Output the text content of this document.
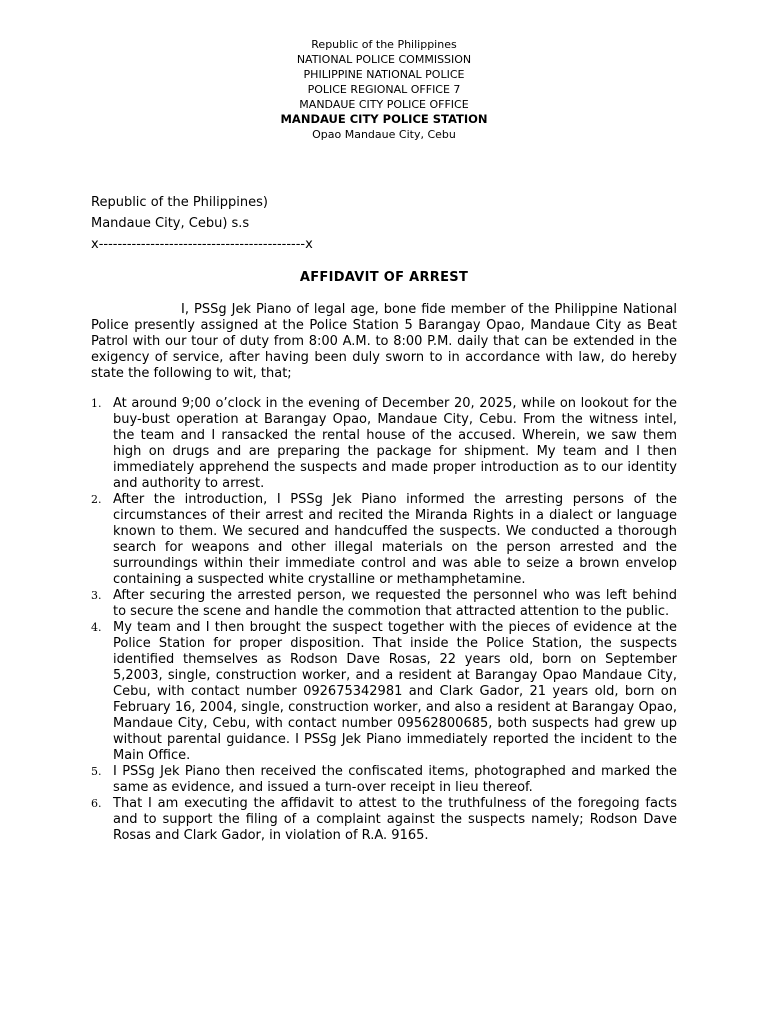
Republic of the Philippines
NATIONAL POLICE COMMISSION
PHILIPPINE NATIONAL POLICE
POLICE REGIONAL OFFICE 7
MANDAUE CITY POLICE OFFICE
MANDAUE CITY POLICE STATION
Opao Mandaue City, Cebu
Republic of the Philippines)
Mandaue City, Cebu) s.s
x--------------------------------------------x
AFFIDAVIT OF ARREST

I, PSSg Jek Piano of legal age, bone fide member of the Philippine National Police presently assigned at the Police Station 5 Barangay Opao, Mandaue City as Beat Patrol with our tour of duty from 8:00 A.M. to 8:00 P.M. daily that can be extended in the exigency of service, after having been duly sworn to in accordance with law, do hereby state the following to wit, that;

1. At around 9;00 o’clock in the evening of December 20, 2025, while on lookout for the buy-bust operation at Barangay Opao, Mandaue City, Cebu. From the witness intel, the team and I ransacked the rental house of the accused. Wherein, we saw them high on drugs and are preparing the package for shipment. My team and I then immediately apprehend the suspects and made proper introduction as to our identity and authority to arrest.
2. After the introduction, I PSSg Jek Piano informed the arresting persons of the circumstances of their arrest and recited the Miranda Rights in a dialect or language known to them. We secured and handcuffed the suspects. We conducted a thorough search for weapons and other illegal materials on the person arrested and the surroundings within their immediate control and was able to seize a brown envelop containing a suspected white crystalline or methamphetamine.
3. After securing the arrested person, we requested the personnel who was left behind to secure the scene and handle the commotion that attracted attention to the public.
4. My team and I then brought the suspect together with the pieces of evidence at the Police Station for proper disposition. That inside the Police Station, the suspects identified themselves as Rodson Dave Rosas, 22 years old, born on September 5,2003, single, construction worker, and a resident at Barangay Opao Mandaue City, Cebu, with contact number 092675342981 and Clark Gador, 21 years old, born on February 16, 2004, single, construction worker, and also a resident at Barangay Opao, Mandaue City, Cebu, with contact number 09562800685, both suspects had grew up without parental guidance. I PSSg Jek Piano immediately reported the incident to the Main Office.
5. I PSSg Jek Piano then received the confiscated items, photographed and marked the same as evidence, and issued a turn-over receipt in lieu thereof.
6. That I am executing the affidavit to attest to the truthfulness of the foregoing facts and to support the filing of a complaint against the suspects namely; Rodson Dave Rosas and Clark Gador, in violation of R.A. 9165.
